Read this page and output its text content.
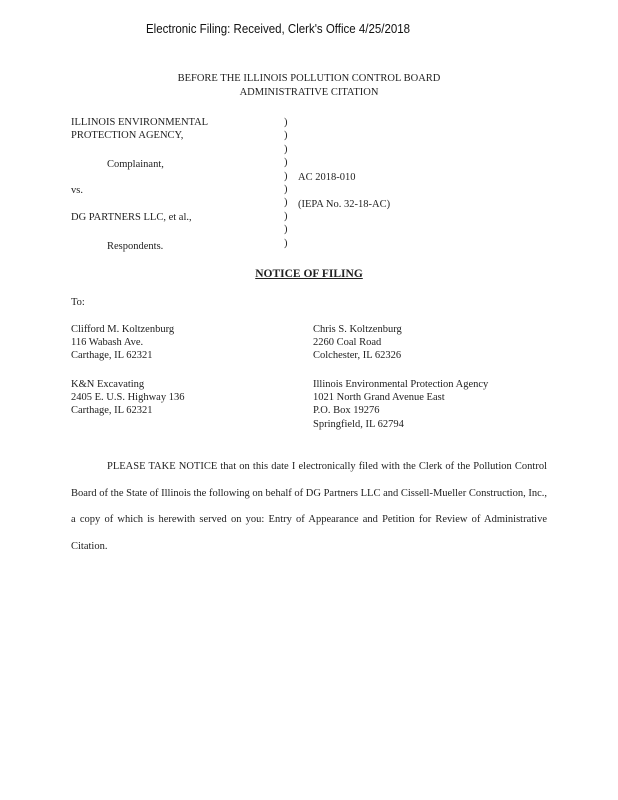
Electronic Filing: Received, Clerk's Office 4/25/2018
BEFORE THE ILLINOIS POLLUTION CONTROL BOARD
ADMINISTRATIVE CITATION
ILLINOIS ENVIRONMENTAL
PROTECTION AGENCY,
Complainant,
vs.
DG PARTNERS LLC, et al.,
Respondents.
)
)
)
)
)
)
)
)
)
)
AC 2018-010
(IEPA No. 32-18-AC)
NOTICE OF FILING
To:
Clifford M. Koltzenburg
116 Wabash Ave.
Carthage, IL 62321
Chris S. Koltzenburg
2260 Coal Road
Colchester, IL 62326
K&N Excavating
2405 E. U.S. Highway 136
Carthage, IL 62321
Illinois Environmental Protection Agency
1021 North Grand Avenue East
P.O. Box 19276
Springfield, IL 62794
PLEASE TAKE NOTICE that on this date I electronically filed with the Clerk of the Pollution Control Board of the State of Illinois the following on behalf of DG Partners LLC and Cissell-Mueller Construction, Inc., a copy of which is herewith served on you: Entry of Appearance and Petition for Review of Administrative Citation.
